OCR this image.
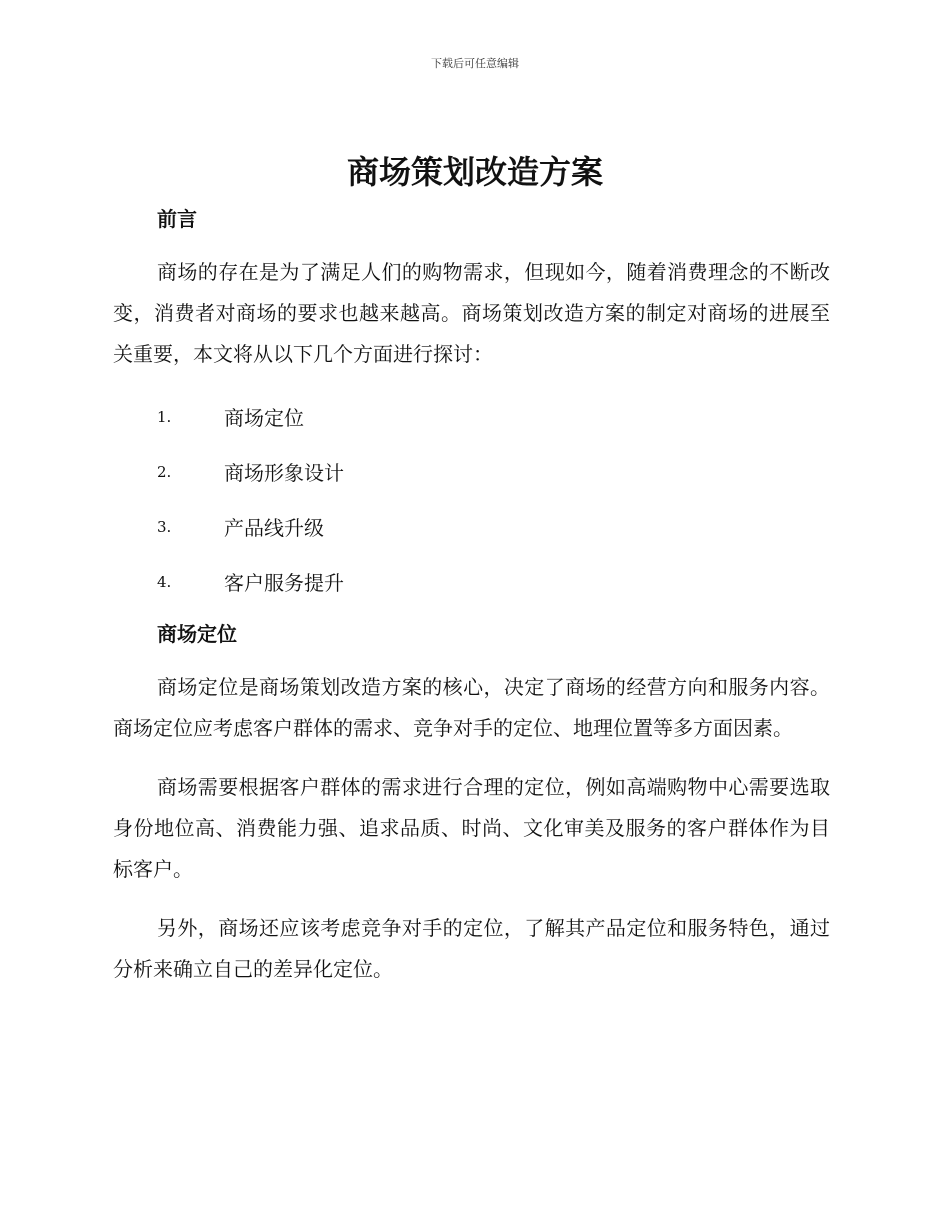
下载后可任意编辑
商场策划改造方案
前言

商场的存在是为了满足人们的购物需求，但现如今，随着消费理念的不断改变，消费者对商场的要求也越来越高。商场策划改造方案的制定对商场的进展至关重要，本文将从以下几个方面进行探讨：

1.	商场定位
2.	商场形象设计
3.	产品线升级
4.	客户服务提升
商场定位

商场定位是商场策划改造方案的核心，决定了商场的经营方向和服务内容。商场定位应考虑客户群体的需求、竞争对手的定位、地理位置等多方面因素。

商场需要根据客户群体的需求进行合理的定位，例如高端购物中心需要选取身份地位高、消费能力强、追求品质、时尚、文化审美及服务的客户群体作为目标客户。

另外，商场还应该考虑竞争对手的定位，了解其产品定位和服务特色，通过分析来确立自己的差异化定位。
